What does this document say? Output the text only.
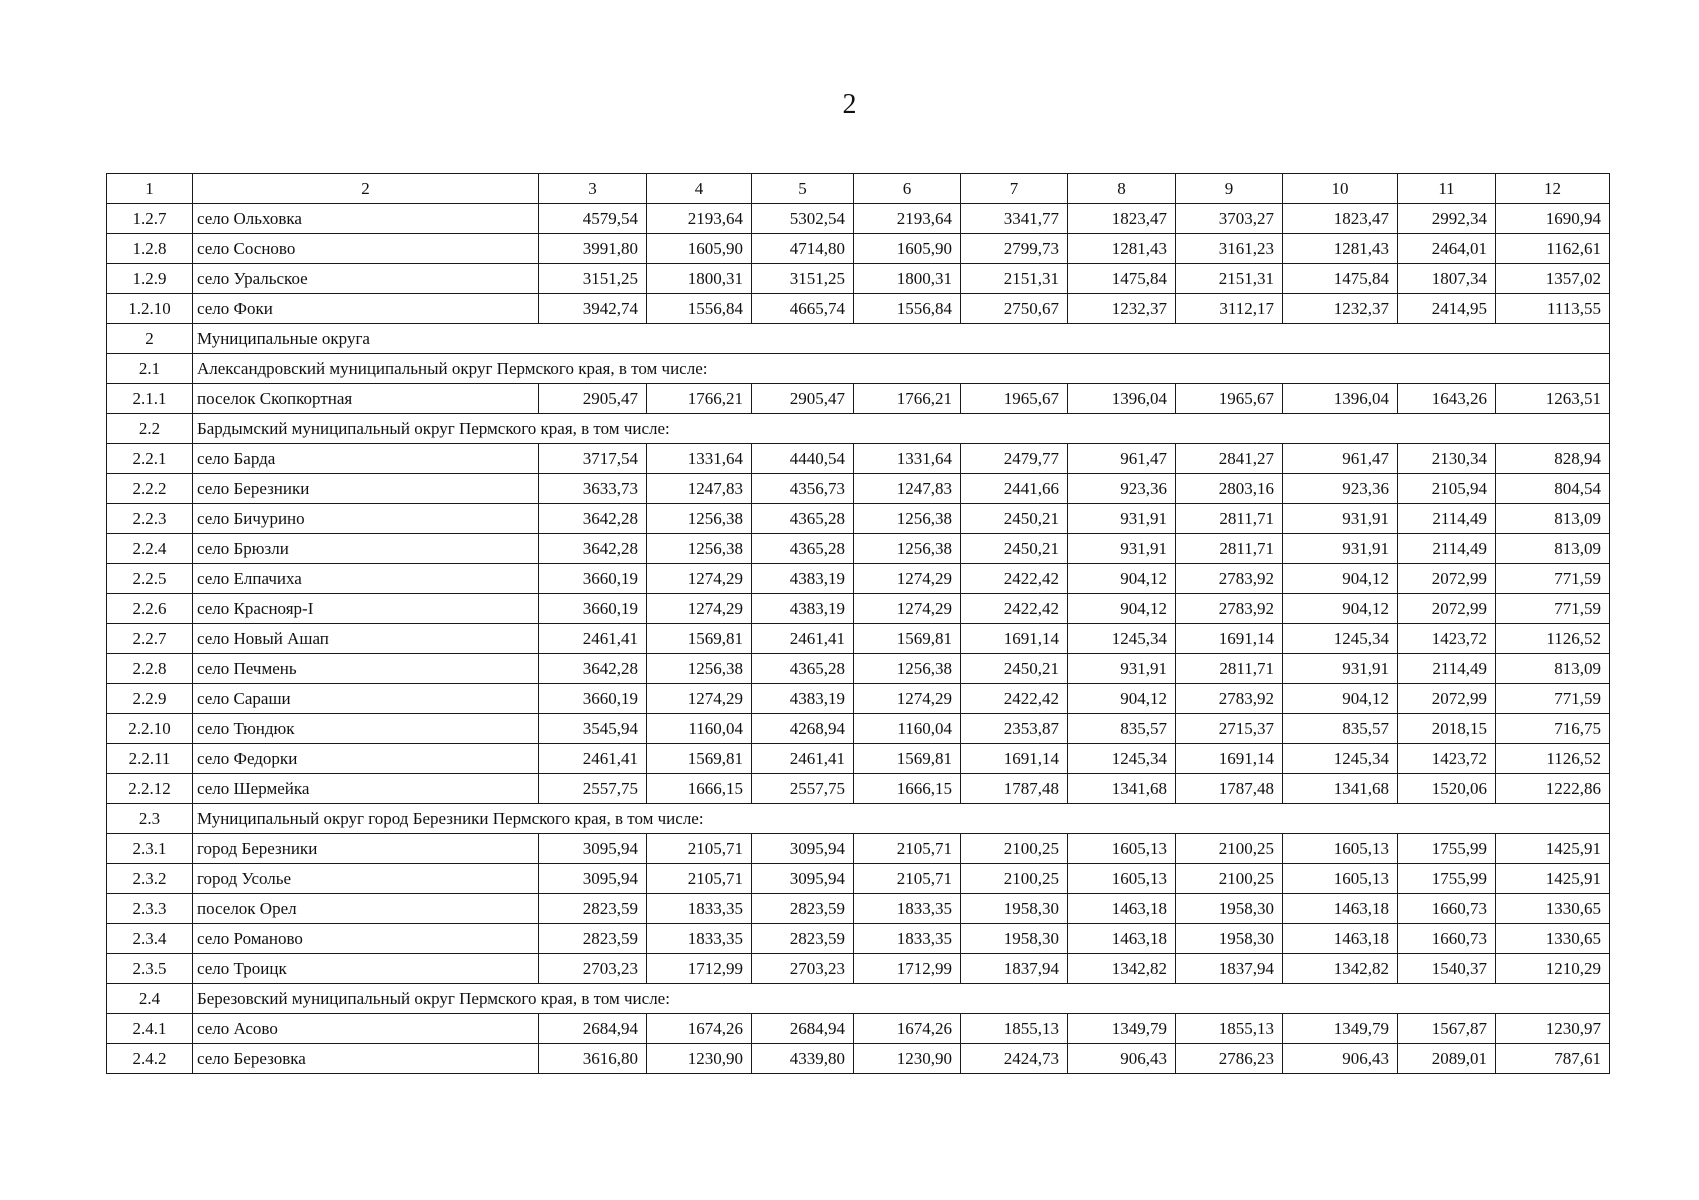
2
1	2	3	4	5	6	7	8	9	10	11	12
1.2.7	село Ольховка	4579,54	2193,64	5302,54	2193,64	3341,77	1823,47	3703,27	1823,47	2992,34	1690,94
1.2.8	село Сосново	3991,80	1605,90	4714,80	1605,90	2799,73	1281,43	3161,23	1281,43	2464,01	1162,61
1.2.9	село Уральское	3151,25	1800,31	3151,25	1800,31	2151,31	1475,84	2151,31	1475,84	1807,34	1357,02
1.2.10	село Фоки	3942,74	1556,84	4665,74	1556,84	2750,67	1232,37	3112,17	1232,37	2414,95	1113,55
2	Муниципальные округа										
2.1	Александровский муниципальный округ Пермского края, в том числе:										
2.1.1	поселок Скопкортная	2905,47	1766,21	2905,47	1766,21	1965,67	1396,04	1965,67	1396,04	1643,26	1263,51
2.2	Бардымский муниципальный округ Пермского края, в том числе:										
2.2.1	село Барда	3717,54	1331,64	4440,54	1331,64	2479,77	961,47	2841,27	961,47	2130,34	828,94
2.2.2	село Березники	3633,73	1247,83	4356,73	1247,83	2441,66	923,36	2803,16	923,36	2105,94	804,54
2.2.3	село Бичурино	3642,28	1256,38	4365,28	1256,38	2450,21	931,91	2811,71	931,91	2114,49	813,09
2.2.4	село Брюзли	3642,28	1256,38	4365,28	1256,38	2450,21	931,91	2811,71	931,91	2114,49	813,09
2.2.5	село Елпачиха	3660,19	1274,29	4383,19	1274,29	2422,42	904,12	2783,92	904,12	2072,99	771,59
2.2.6	село Краснояр-I	3660,19	1274,29	4383,19	1274,29	2422,42	904,12	2783,92	904,12	2072,99	771,59
2.2.7	село Новый Ашап	2461,41	1569,81	2461,41	1569,81	1691,14	1245,34	1691,14	1245,34	1423,72	1126,52
2.2.8	село Печмень	3642,28	1256,38	4365,28	1256,38	2450,21	931,91	2811,71	931,91	2114,49	813,09
2.2.9	село Сараши	3660,19	1274,29	4383,19	1274,29	2422,42	904,12	2783,92	904,12	2072,99	771,59
2.2.10	село Тюндюк	3545,94	1160,04	4268,94	1160,04	2353,87	835,57	2715,37	835,57	2018,15	716,75
2.2.11	село Федорки	2461,41	1569,81	2461,41	1569,81	1691,14	1245,34	1691,14	1245,34	1423,72	1126,52
2.2.12	село Шермейка	2557,75	1666,15	2557,75	1666,15	1787,48	1341,68	1787,48	1341,68	1520,06	1222,86
2.3	Муниципальный округ город Березники Пермского края, в том числе:										
2.3.1	город Березники	3095,94	2105,71	3095,94	2105,71	2100,25	1605,13	2100,25	1605,13	1755,99	1425,91
2.3.2	город Усолье	3095,94	2105,71	3095,94	2105,71	2100,25	1605,13	2100,25	1605,13	1755,99	1425,91
2.3.3	поселок Орел	2823,59	1833,35	2823,59	1833,35	1958,30	1463,18	1958,30	1463,18	1660,73	1330,65
2.3.4	село Романово	2823,59	1833,35	2823,59	1833,35	1958,30	1463,18	1958,30	1463,18	1660,73	1330,65
2.3.5	село Троицк	2703,23	1712,99	2703,23	1712,99	1837,94	1342,82	1837,94	1342,82	1540,37	1210,29
2.4	Березовский муниципальный округ Пермского края, в том числе:										
2.4.1	село Асово	2684,94	1674,26	2684,94	1674,26	1855,13	1349,79	1855,13	1349,79	1567,87	1230,97
2.4.2	село Березовка	3616,80	1230,90	4339,80	1230,90	2424,73	906,43	2786,23	906,43	2089,01	787,61
